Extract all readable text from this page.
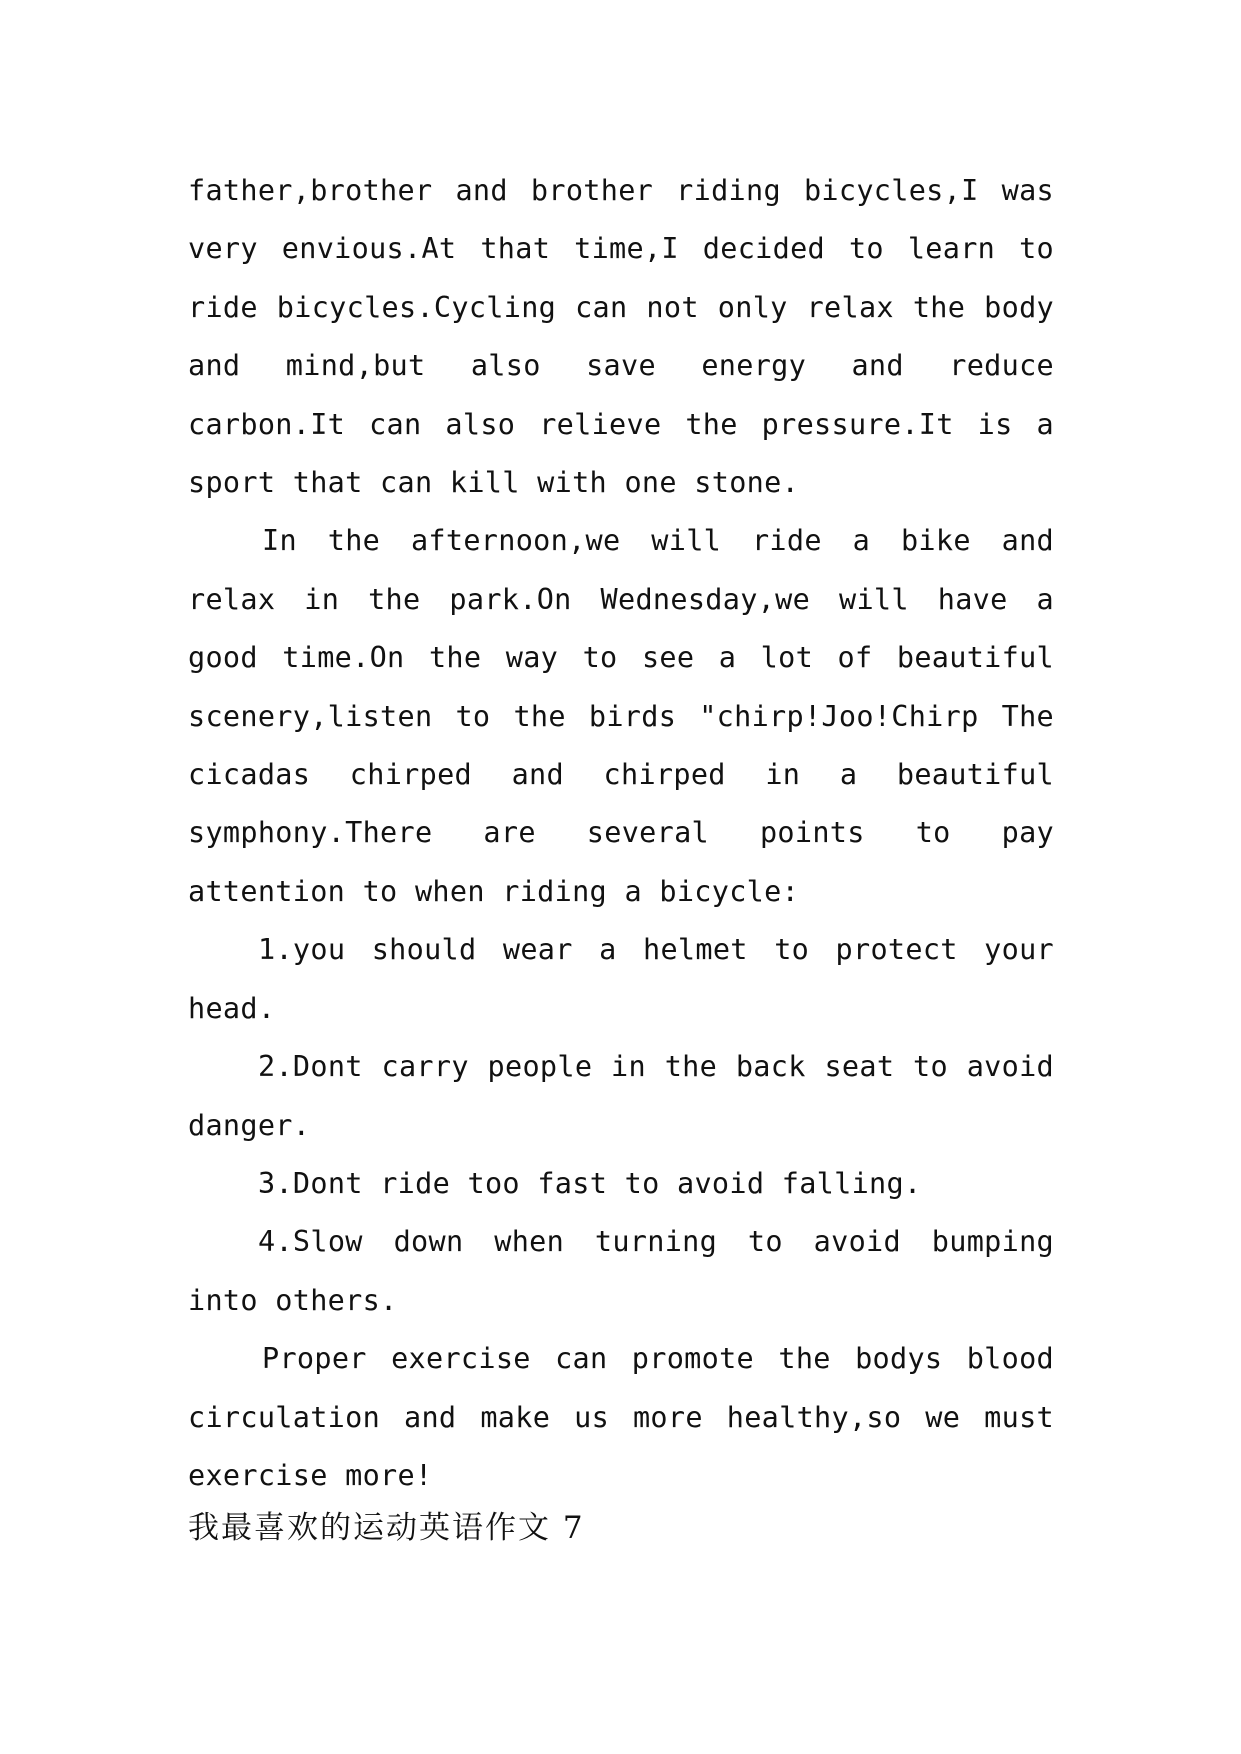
father,brother and brother riding bicycles,I was very envious.At that time,I decided to learn to ride bicycles.Cycling can not only relax the body and mind,but also save energy and reduce carbon.It can also relieve the pressure.It is a sport that can kill with one stone.

In the afternoon,we will ride a bike and relax in the park.On Wednesday,we will have a good time.On the way to see a lot of beautiful scenery,listen to the birds "chirp!Joo!Chirp The cicadas chirped and chirped in a beautiful symphony.There are several points to pay attention to when riding a bicycle:

1.you should wear a helmet to protect your head.

2.Dont carry people in the back seat to avoid danger.

3.Dont ride too fast to avoid falling.

4.Slow down when turning to avoid bumping into others.

Proper exercise can promote the bodys blood circulation and make us more healthy,so we must exercise more!

我最喜欢的运动英语作文 7
